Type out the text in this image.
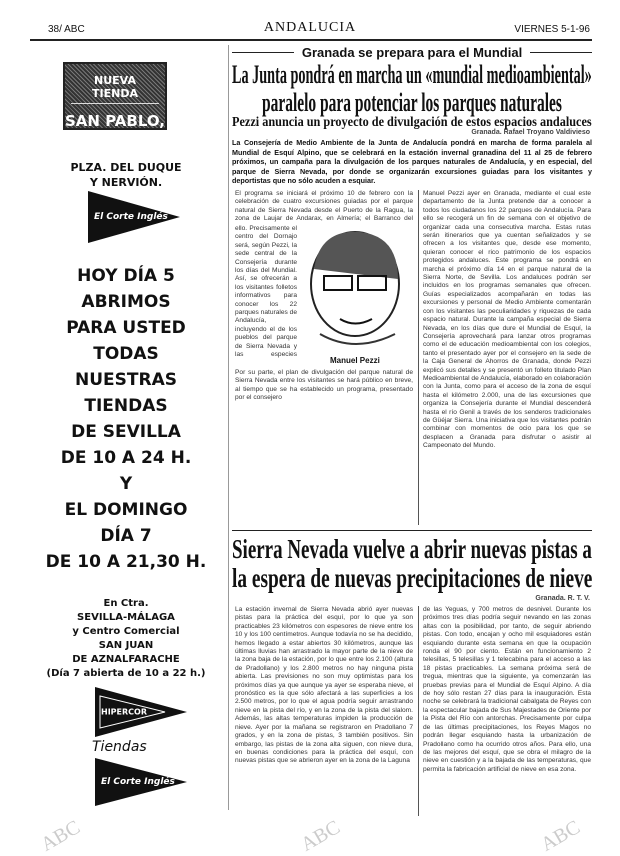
ABC	ABC	ABC
38/ ABC	ANDALUCIA	VIERNES 5-1-96
NUEVA TIENDA
SAN PABLO, 1
PLZA. DEL DUQUE
Y NERVIÓN.
El Corte Inglés
HOY DÍA 5
ABRIMOS
PARA USTED
TODAS
NUESTRAS
TIENDAS
DE SEVILLA
DE 10 A 24 H.
Y
EL DOMINGO
DÍA 7
DE 10 A 21,30 H.
En Ctra.
SEVILLA-MÁLAGA
y Centro Comercial
SAN JUAN
DE AZNALFARACHE
(Día 7 abierta de 10 a 22 h.)
HIPERCOR
Tiendas
El Corte Inglés
Granada se prepara para el Mundial
La Junta pondrá en marcha un «mundial medioambiental»
paralelo para potenciar los parques naturales
Pezzi anuncia un proyecto de divulgación de estos espacios andaluces
Granada. Rafael Troyano Valdivieso
La Consejería de Medio Ambiente de la Junta de Andalucía pondrá en marcha de forma paralela al Mundial de Esquí Alpino, que se celebrará en la estación invernal granadina del 11 al 25 de febrero próximos, un campaña para la divulgación de los parques naturales de Andalucía, y en especial, del parque de Sierra Nevada, por donde se organizarán excursiones guiadas para los visitantes y deportistas que no sólo acuden a esquiar.
El programa se iniciará el próximo 10 de febrero con la celebración de cuatro excursiones guiadas por el parque natural de Sierra Nevada desde el Puerto de la Ragua, la zona de Laujar de Andarax, en Almería; el Barranco del
ello. Precisamente el centro del Dornajo será, según Pezzi, la sede central de la Consejería durante los días del Mundial. Así, se ofrecerán a los visitantes folletos informativos para conocer los 22 parques naturales de Andalucía, incluyendo el de los pueblos del parque de Sierra Nevada y las especies
Manuel Pezzi
Por su parte, el plan de divulgación del parque natural de Sierra Nevada entre los visitantes se hará público en breve, al tiempo que se ha establecido un programa, presentado por el consejero
Manuel Pezzi ayer en Granada, mediante el cual este departamento de la Junta pretende dar a conocer a todos los ciudadanos los 22 parques de Andalucía. Para ello se recogerá un fin de semana con el objetivo de organizar cada una consecutiva marcha. Estas rutas serán itinerarios que ya cuentan señalizados y se ofrecen a los visitantes que, desde ese momento, quieran conocer el rico patrimonio de los espacios protegidos andaluces. Este programa se pondrá en marcha el próximo día 14 en el parque natural de la Sierra Norte, de Sevilla. Los andaluces podrán ser incluidos en los programas semanales que ofrecen. Guías especializados acompañarán en todas las excursiones y personal de Medio Ambiente comentarán con los visitantes las peculiaridades y riquezas de cada espacio natural. Durante la campaña especial de Sierra Nevada, en los días que dure el Mundial de Esquí, la Consejería aprovechará para lanzar otros programas como el de educación medioambiental con los colegios, tanto el presentado ayer por el consejero en la sede de la Caja General de Ahorros de Granada, donde Pezzi explicó sus detalles y se presentó un folleto titulado Plan Medioambiental de Andalucía, elaborado en colaboración con la Junta, como para el acceso de la zona de esquí hasta el kilómetro 2.000, una de las excursiones que organiza la Consejería durante el Mundial descenderá hasta el río Genil a través de los senderos tradicionales de Güéjar Sierra. Una iniciativa que los visitantes podrán combinar con momentos de ocio para los que se desplacen a Granada para disfrutar o asistir al Campeonato del Mundo.
Sierra Nevada vuelve a abrir nuevas pistas a
la espera de nuevas precipitaciones de nieve
Granada. R. T. V.
La estación invernal de Sierra Nevada abrió ayer nuevas pistas para la práctica del esquí, por lo que ya son practicables 23 kilómetros con espesores de nieve entre los 10 y los 100 centímetros. Aunque todavía no se ha decidido, hemos llegado a estar abiertos 30 kilómetros, aunque las últimas lluvias han arrastrado la mayor parte de la nieve de la zona baja de la estación, por lo que entre los 2.100 (altura de Pradollano) y los 2.800 metros no hay ninguna pista abierta. Las previsiones no son muy optimistas para los próximos días ya que aunque ya ayer se esperaba nieve, el pronóstico es la que sólo afectará a las superficies a los 2.500 metros, por lo que el agua podría seguir arrastrando nieve en la pista del río, y en la zona de la pista del slalom. Además, las altas temperaturas impiden la producción de nieve. Ayer por la mañana se registraron en Pradollano 7 grados, y en la zona de pistas, 3 también positivos. Sin embargo, las pistas de la zona alta siguen, con nieve dura, en buenas condiciones para la práctica del esquí, con nuevas pistas que se abrieron ayer en la zona de la Laguna
de las Yeguas, y 700 metros de desnivel. Durante los próximos tres días podría seguir nevando en las zonas altas con la posibilidad, por tanto, de seguir abriendo pistas. Con todo, encajan y ocho mil esquiadores están esquiando durante esta semana en que la ocupación ronda el 90 por ciento. Están en funcionamiento 2 telesillas, 5 telesillas y 1 telecabina para el acceso a las 18 pistas practicables. La semana próxima será de tregua, mientras que la siguiente, ya comenzarán las pruebas previas para el Mundial de Esquí Alpino. A día de hoy sólo restan 27 días para la inauguración. Esta noche se celebrará la tradicional cabalgata de Reyes con la espectacular bajada de Sus Majestades de Oriente por la Pista del Río con antorchas. Precisamente por culpa de las últimas precipitaciones, los Reyes Magos no podrán llegar esquiando hasta la urbanización de Pradollano como ha ocurrido otros años. Para ello, una de las mejores del esquí, que se obra el milagro de la nieve en cuestión y a la bajada de las temperaturas, que permita la fabricación artificial de nieve en esa zona.
